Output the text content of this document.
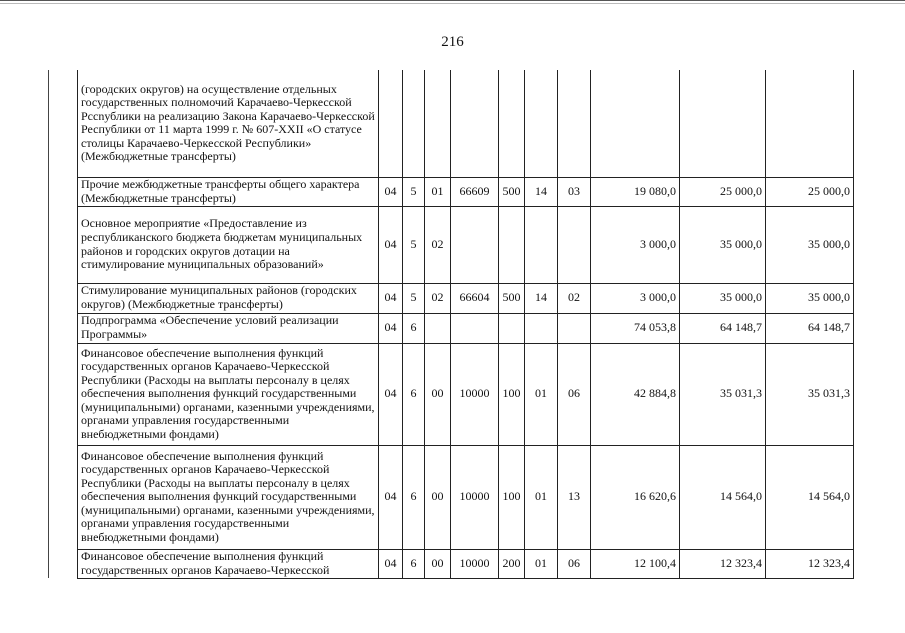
216
(городских округов) на осуществление отдельных государственных полномочий Карачаево-Черкесской Рссnублики на реализацию Закона Карачаево-Черкесской Республики от 11 марта 1999 г. № 607-XXII «О статусе столицы Карачаево-Черкесской Республики» (Межбюджетные трансферты)										
Прочие межбюджетные трансферты общего характера (Межбюджетные трансферты)	04	5	01	66609	500	14	03	19 080,0	25 000,0	25 000,0
Основное мероприятие «Предоставление из республиканского бюджета бюджетам муниципальных районов и городских округов дотации на стимулирование муниципальных образований»	04	5	02					3 000,0	35 000,0	35 000,0
Стимулирование муниципальных районов (городских округов) (Межбюджетные трансферты)	04	5	02	66604	500	14	02	3 000,0	35 000,0	35 000,0
Подпрограмма «Обеспечение условий реализации Программы»	04	6						74 053,8	64 148,7	64 148,7
Финансовое обеспечение выполнения функций государственных органов Карачаево-Черкесской Республики (Расходы на выплаты персоналу в целях обеспечения выполнения функций государственными (муниципальными) органами, казенными учреждениями, органами управления государственными внебюджетными фондами)	04	6	00	10000	100	01	06	42 884,8	35 031,3	35 031,3
Финансовое обеспечение выполнения функций государственных органов Карачаево-Черкесской Республики (Расходы на выплаты персоналу в целях обеспечения выполнения функций государственными (муниципальными) органами, казенными учреждениями, органами управления государственными внебюджетными фондами)	04	6	00	10000	100	01	13	16 620,6	14 564,0	14 564,0
Финансовое обеспечение выполнения функций государственных органов Карачаево-Черкесской	04	6	00	10000	200	01	06	12 100,4	12 323,4	12 323,4
